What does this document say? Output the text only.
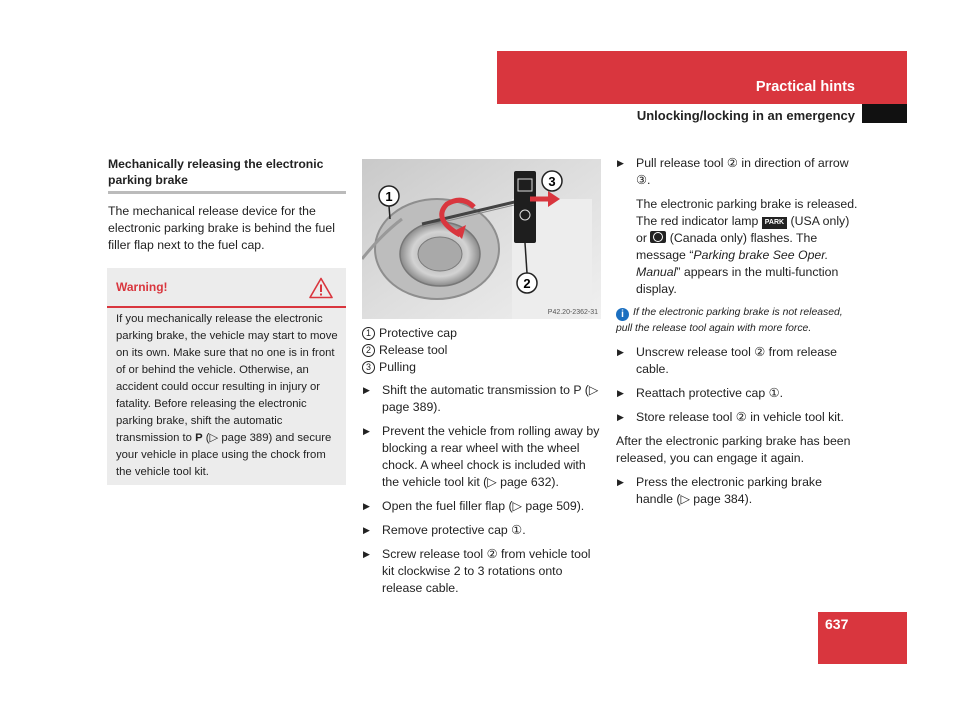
Practical hints
Unlocking/locking in an emergency
Mechanically releasing the electronic parking brake
The mechanical release device for the electronic parking brake is behind the fuel filler flap next to the fuel cap.
Warning!
If you mechanically release the electronic parking brake, the vehicle may start to move on its own. Make sure that no one is in front of or behind the vehicle. Otherwise, an accident could occur resulting in injury or fatality. Before releasing the electronic parking brake, shift the automatic transmission to P (▷ page 389) and secure your vehicle in place using the chock from the vehicle tool kit.
1
3
2
P42.20-2362-31
1 Protective cap
2 Release tool
3 Pulling
▶ Shift the automatic transmission to P (▷ page 389).
▶ Prevent the vehicle from rolling away by blocking a rear wheel with the wheel chock. A wheel chock is included with the vehicle tool kit (▷ page 632).
▶ Open the fuel filler flap (▷ page 509).
▶ Remove protective cap ①.
▶ Screw release tool ② from vehicle tool kit clockwise 2 to 3 rotations onto release cable.
▶ Pull release tool ② in direction of arrow ③.
The electronic parking brake is released. The red indicator lamp PARK (USA only) or (Canada only) flashes. The message “Parking brake See Oper. Manual” appears in the multi-function display.
i If the electronic parking brake is not released, pull the release tool again with more force.
▶ Unscrew release tool ② from release cable.
▶ Reattach protective cap ①.
▶ Store release tool ② in vehicle tool kit.

After the electronic parking brake has been released, you can engage it again.

▶ Press the electronic parking brake handle (▷ page 384).
637
